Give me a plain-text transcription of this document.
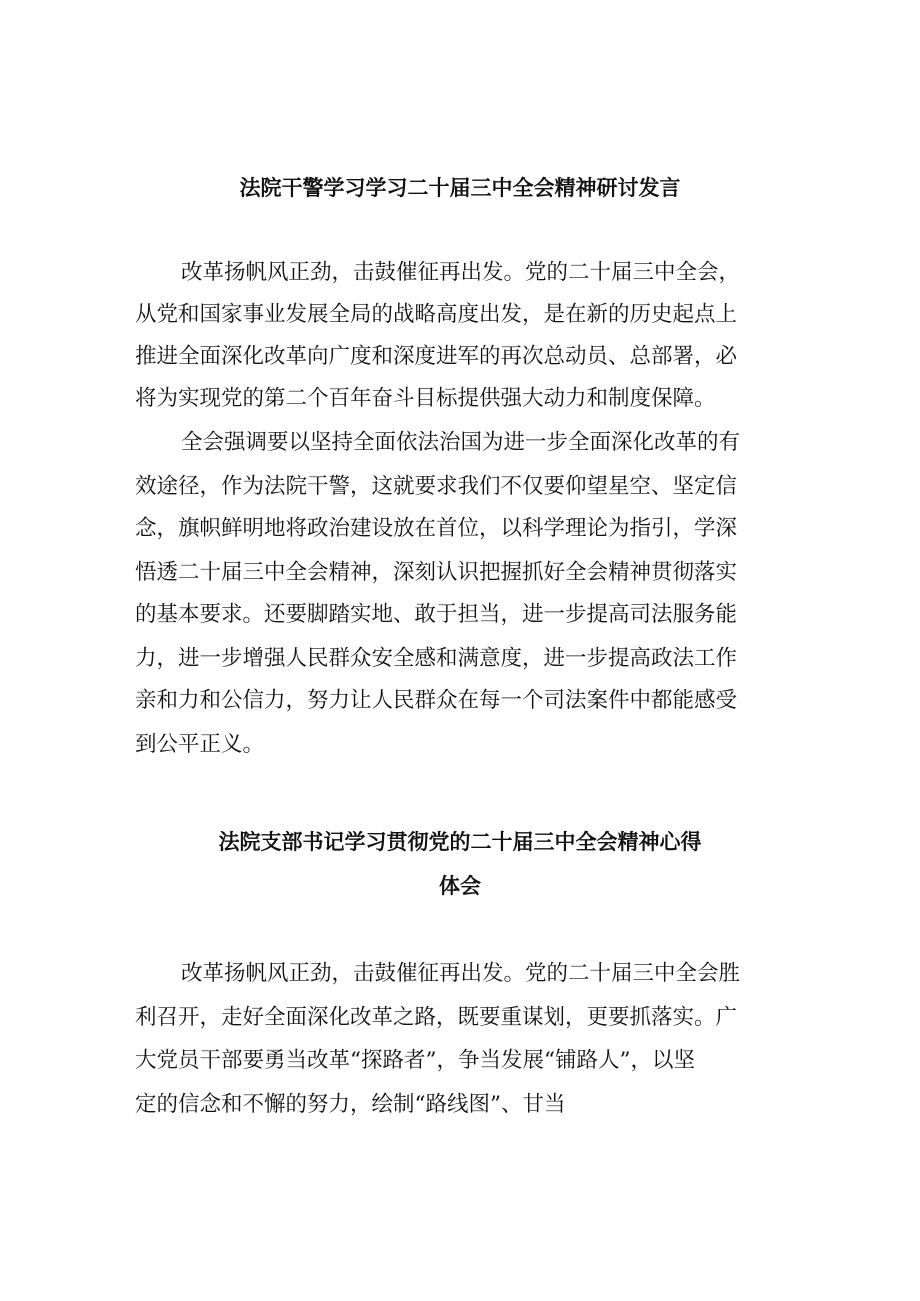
法院干警学习学习二十届三中全会精神研讨发言
改革扬帆风正劲，击鼓催征再出发。党的二十届三中全会，
从党和国家事业发展全局的战略高度出发，是在新的历史起点上
推进全面深化改革向广度和深度进军的再次总动员、总部署，必
将为实现党的第二个百年奋斗目标提供强大动力和制度保障。
全会强调要以坚持全面依法治国为进一步全面深化改革的有
效途径，作为法院干警，这就要求我们不仅要仰望星空、坚定信
念，旗帜鲜明地将政治建设放在首位，以科学理论为指引，学深
悟透二十届三中全会精神，深刻认识把握抓好全会精神贯彻落实
的基本要求。还要脚踏实地、敢于担当，进一步提高司法服务能
力，进一步增强人民群众安全感和满意度，进一步提高政法工作
亲和力和公信力，努力让人民群众在每一个司法案件中都能感受
到公平正义。
法院支部书记学习贯彻党的二十届三中全会精神心得
体会
改革扬帆风正劲，击鼓催征再出发。党的二十届三中全会胜
利召开，走好全面深化改革之路，既要重谋划，更要抓落实。广
大党员干部要勇当改革“探路者”，争当发展“铺路人”，以坚
定的信念和不懈的努力，绘制“路线图”、甘当
